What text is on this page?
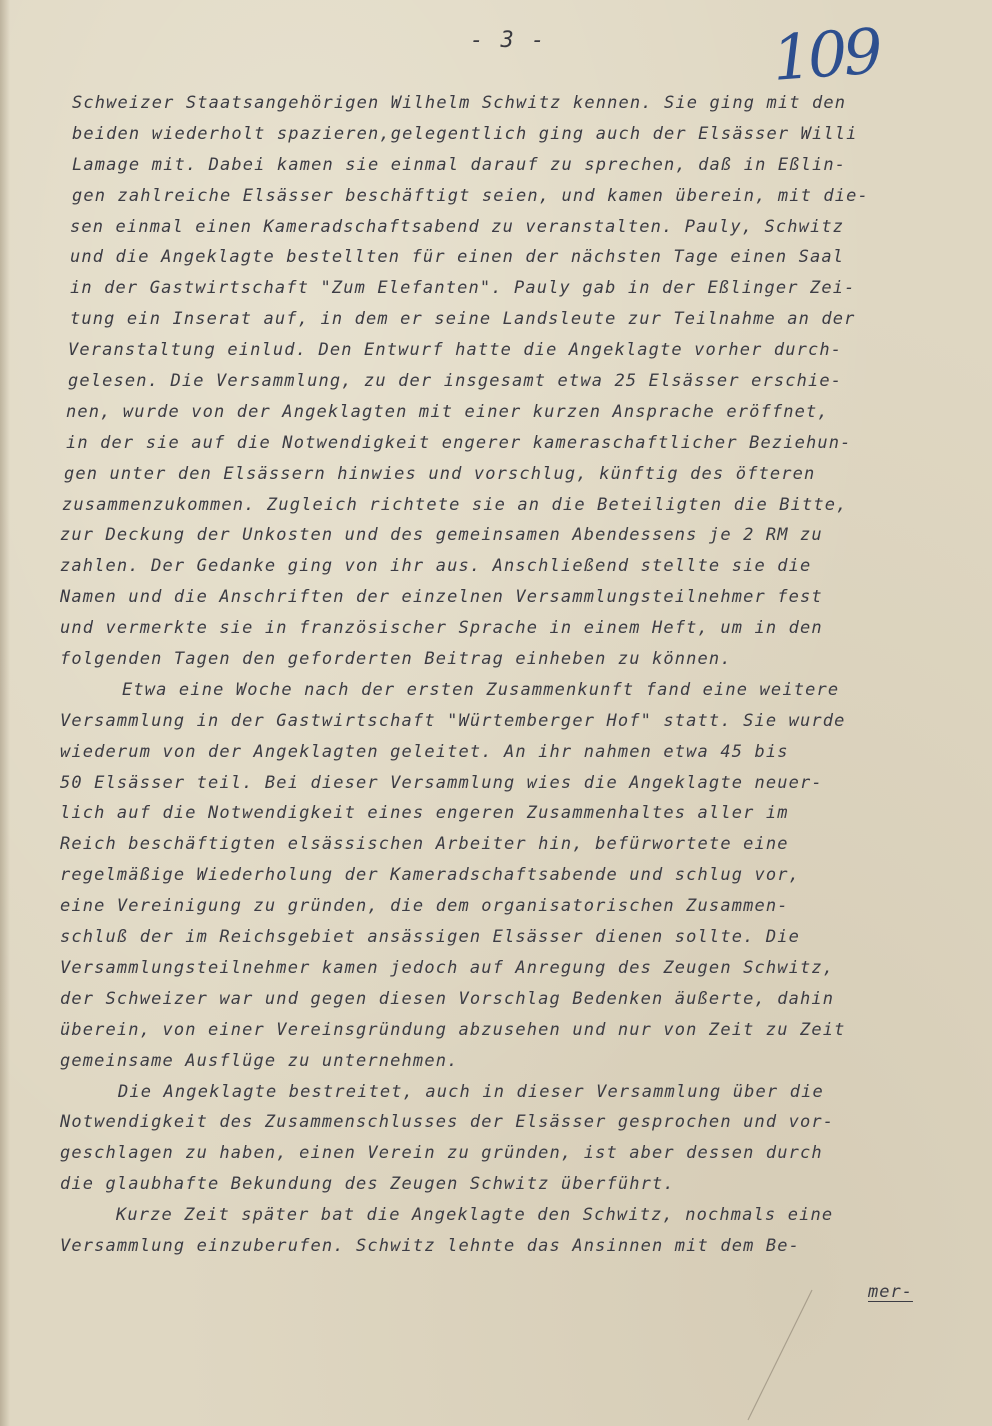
- 3 -	109
Schweizer Staatsangehörigen Wilhelm Schwitz kennen. Sie ging mit den
beiden wiederholt spazieren,gelegentlich ging auch der Elsässer Willi
Lamage mit. Dabei kamen sie einmal darauf zu sprechen, daß in Eßlin-
gen zahlreiche Elsässer beschäftigt seien, und kamen überein, mit die-
sen einmal einen Kameradschaftsabend zu veranstalten. Pauly, Schwitz
und die Angeklagte bestellten für einen der nächsten Tage einen Saal
in der Gastwirtschaft "Zum Elefanten". Pauly gab in der Eßlinger Zei-
tung ein Inserat auf, in dem er seine Landsleute zur Teilnahme an der
Veranstaltung einlud. Den Entwurf hatte die Angeklagte vorher durch-
gelesen. Die Versammlung, zu der insgesamt etwa 25 Elsässer erschie-
nen, wurde von der Angeklagten mit einer kurzen Ansprache eröffnet,
in der sie auf die Notwendigkeit engerer kameraschaftlicher Beziehun-
gen unter den Elsässern hinwies und vorschlug, künftig des öfteren
zusammenzukommen. Zugleich richtete sie an die Beteiligten die Bitte,
zur Deckung der Unkosten und des gemeinsamen Abendessens je 2 RM zu
zahlen. Der Gedanke ging von ihr aus. Anschließend stellte sie die
Namen und die Anschriften der einzelnen Versammlungsteilnehmer fest
und vermerkte sie in französischer Sprache in einem Heft, um in den
folgenden Tagen den geforderten Beitrag einheben zu können.
Etwa eine Woche nach der ersten Zusammenkunft fand eine weitere
Versammlung in der Gastwirtschaft "Würtemberger Hof" statt. Sie wurde
wiederum von der Angeklagten geleitet. An ihr nahmen etwa 45 bis
50 Elsässer teil. Bei dieser Versammlung wies die Angeklagte neuer-
lich auf die Notwendigkeit eines engeren Zusammenhaltes aller im
Reich beschäftigten elsässischen Arbeiter hin, befürwortete eine
regelmäßige Wiederholung der Kameradschaftsabende und schlug vor,
eine Vereinigung zu gründen, die dem organisatorischen Zusammen-
schluß der im Reichsgebiet ansässigen Elsässer dienen sollte. Die
Versammlungsteilnehmer kamen jedoch auf Anregung des Zeugen Schwitz,
der Schweizer war und gegen diesen Vorschlag Bedenken äußerte, dahin
überein, von einer Vereinsgründung abzusehen und nur von Zeit zu Zeit
gemeinsame Ausflüge zu unternehmen.
Die Angeklagte bestreitet, auch in dieser Versammlung über die
Notwendigkeit des Zusammenschlusses der Elsässer gesprochen und vor-
geschlagen zu haben, einen Verein zu gründen, ist aber dessen durch
die glaubhafte Bekundung des Zeugen Schwitz überführt.
Kurze Zeit später bat die Angeklagte den Schwitz, nochmals eine
Versammlung einzuberufen. Schwitz lehnte das Ansinnen mit dem Be-
mer-
